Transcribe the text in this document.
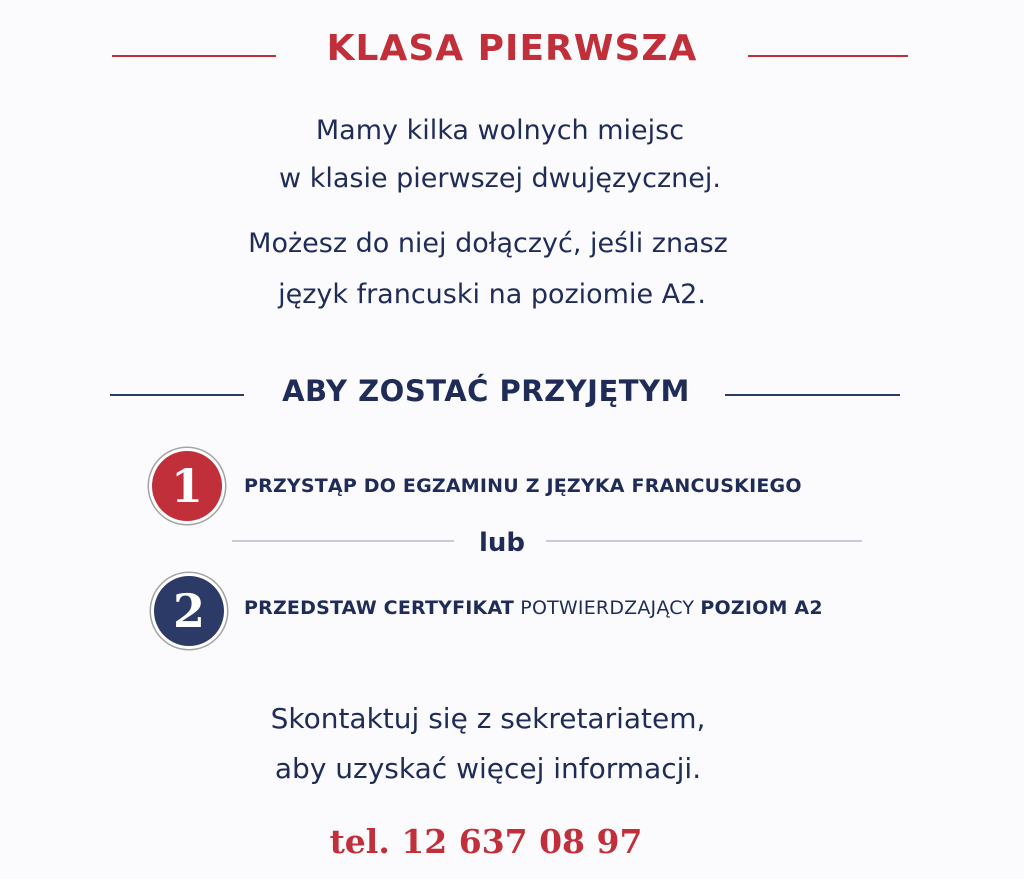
KLASA PIERWSZA
Mamy kilka wolnych miejsc
w klasie pierwszej dwujęzycznej.
Możesz do niej dołączyć, jeśli znasz
język francuski na poziomie A2.
ABY ZOSTAĆ PRZYJĘTYM
1	PRZYSTĄP DO EGZAMINU Z JĘZYKA FRANCUSKIEGO
lub
2	PRZEDSTAW CERTYFIKAT POTWIERDZAJĄCY POZIOM A2
Skontaktuj się z sekretariatem,
aby uzyskać więcej informacji.
tel. 12 637 08 97
